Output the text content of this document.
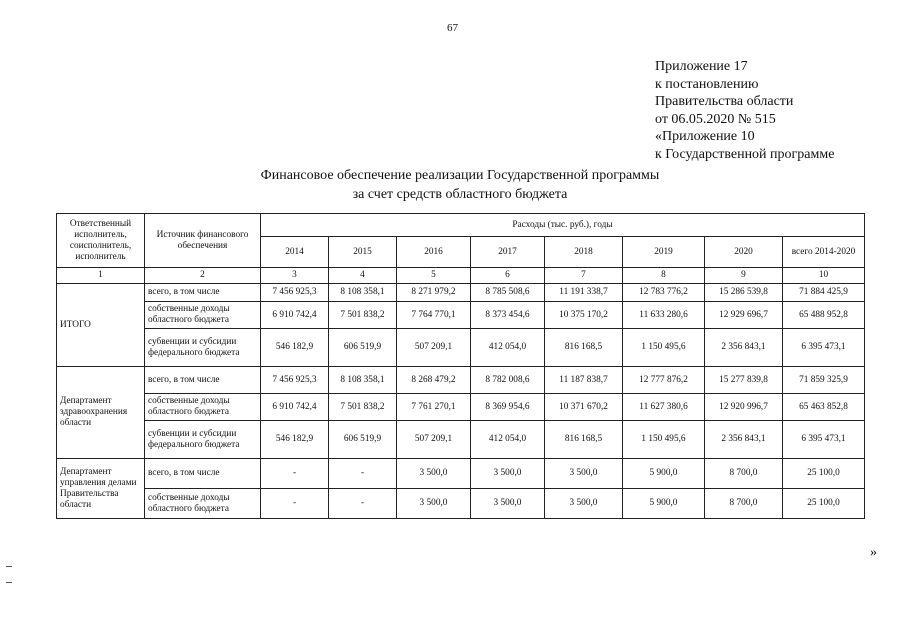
67
Приложение 17
к постановлению
Правительства области
от 06.05.2020 № 515
«Приложение 10
к Государственной программе
Финансовое обеспечение реализации Государственной программы
за счет средств областного бюджета
Ответственный исполнитель, соисполнитель, исполнитель	Источник финансового обеспечения	Расходы (тыс. руб.), годы							
		2014	2015	2016	2017	2018	2019	2020	всего 2014-2020
1	2	3	4	5	6	7	8	9	10
ИТОГО	всего, в том числе	7 456 925,3	8 108 358,1	8 271 979,2	8 785 508,6	11 191 338,7	12 783 776,2	15 286 539,8	71 884 425,9
	собственные доходы областного бюджета	6 910 742,4	7 501 838,2	7 764 770,1	8 373 454,6	10 375 170,2	11 633 280,6	12 929 696,7	65 488 952,8
	субвенции и субсидии федерального бюджета	546 182,9	606 519,9	507 209,1	412 054,0	816 168,5	1 150 495,6	2 356 843,1	6 395 473,1
Департамент здравоохранения области	всего, в том числе	7 456 925,3	8 108 358,1	8 268 479,2	8 782 008,6	11 187 838,7	12 777 876,2	15 277 839,8	71 859 325,9
	собственные доходы областного бюджета	6 910 742,4	7 501 838,2	7 761 270,1	8 369 954,6	10 371 670,2	11 627 380,6	12 920 996,7	65 463 852,8
	субвенции и субсидии федерального бюджета	546 182,9	606 519,9	507 209,1	412 054,0	816 168,5	1 150 495,6	2 356 843,1	6 395 473,1
Департамент управления делами Правительства области	всего, в том числе	-	-	3 500,0	3 500,0	3 500,0	5 900,0	8 700,0	25 100,0
	собственные доходы областного бюджета	-	-	3 500,0	3 500,0	3 500,0	5 900,0	8 700,0	25 100,0
»
